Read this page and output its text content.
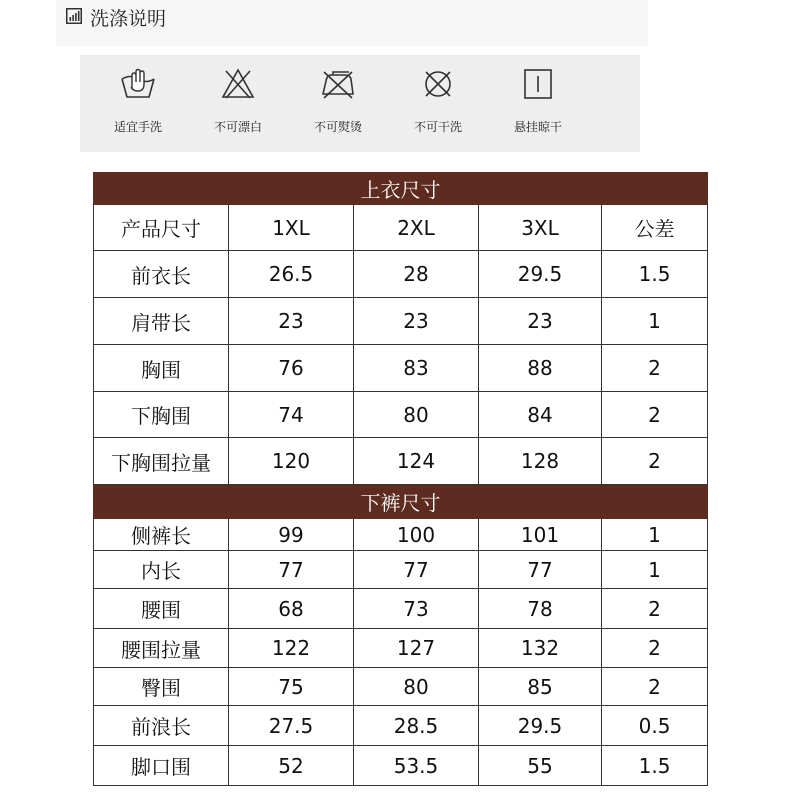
洗涤说明
适宜手洗	不可漂白	不可熨烫	不可干洗	悬挂晾干
上衣尺寸				
产品尺寸	1XL	2XL	3XL	公差
前衣长	26.5	28	29.5	1.5
肩带长	23	23	23	1
胸围	76	83	88	2
下胸围	74	80	84	2
下胸围拉量	120	124	128	2
下裤尺寸				
侧裤长	99	100	101	1
内长	77	77	77	1
腰围	68	73	78	2
腰围拉量	122	127	132	2
臀围	75	80	85	2
前浪长	27.5	28.5	29.5	0.5
脚口围	52	53.5	55	1.5
